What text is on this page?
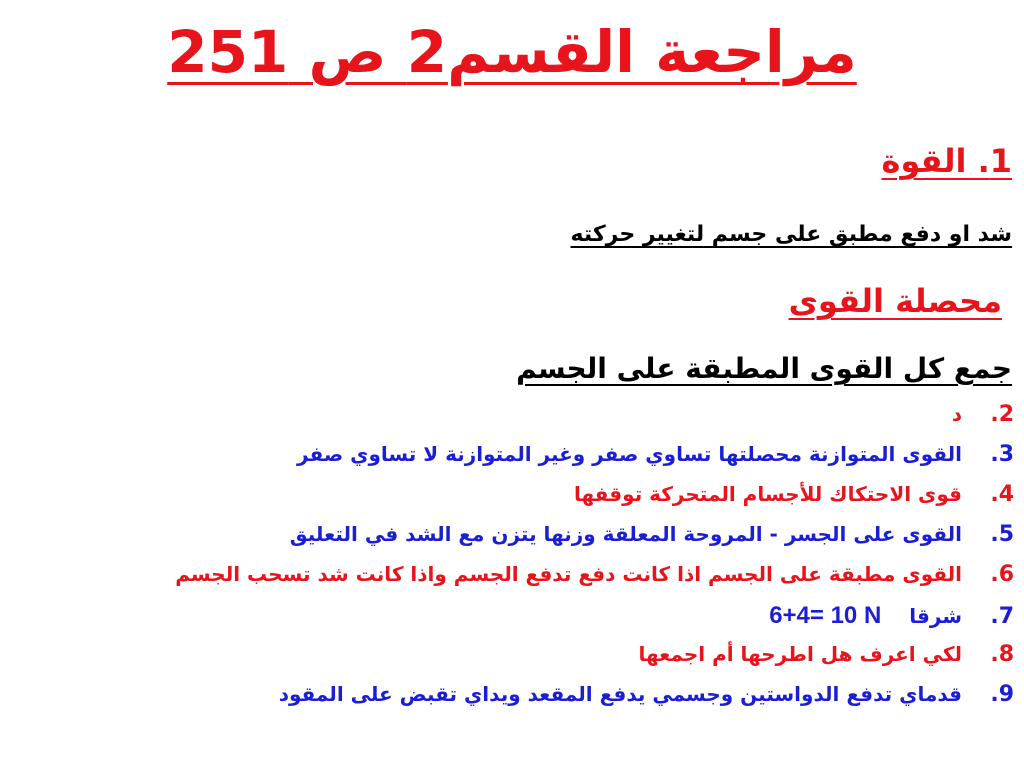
مراجعة القسم2 ص 251
1. القوة
شد او دفع مطبق على جسم لتغيير حركته
محصلة القوى
جمع كل القوى المطبقة على الجسم
2.
د
3.
القوى المتوازنة محصلتها تساوي صفر وغير المتوازنة لا تساوي صفر
4.
قوى الاحتكاك للأجسام المتحركة توقفها
5.
القوى على الجسر - المروحة المعلقة وزنها يتزن مع الشد في التعليق
6.
القوى مطبقة على الجسم اذا كانت دفع تدفع الجسم واذا كانت شد تسحب الجسم
7.
شرقا
6+4= 10 N
8.
لكي اعرف هل اطرحها أم اجمعها
9.
قدماي تدفع الدواستين وجسمي يدفع المقعد ويداي تقبض على المقود
